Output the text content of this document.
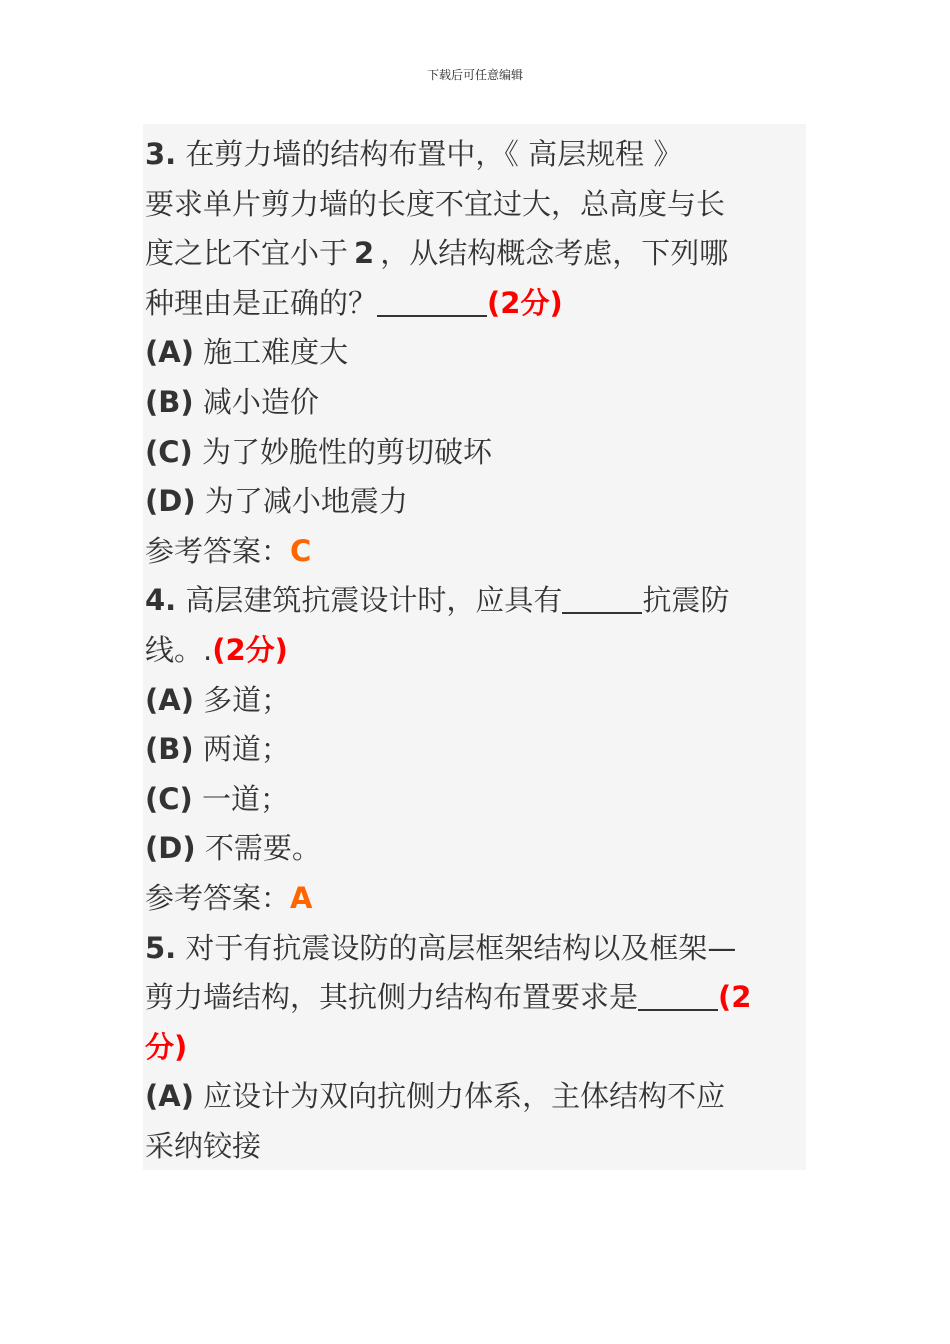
下载后可任意编辑
3. 在剪力墙的结构布置中，《 高层规程 》
要求单片剪力墙的长度不宜过大，总高度与长
度之比不宜小于 2 ，从结构概念考虑，下列哪
种理由是正确的？	(2分)
(A) 施工难度大
(B) 减小造价
(C) 为了妙脆性的剪切破坏
(D) 为了减小地震力
参考答案：C
4. 高层建筑抗震设计时，应具有	抗震防
线。.(2分)
(A) 多道；
(B) 两道；
(C) 一道；
(D) 不需要。
参考答案：A
5. 对于有抗震设防的高层框架结构以及框架—
剪力墙结构，其抗侧力结构布置要求是	(2
分)
(A) 应设计为双向抗侧力体系，主体结构不应
采纳铰接
